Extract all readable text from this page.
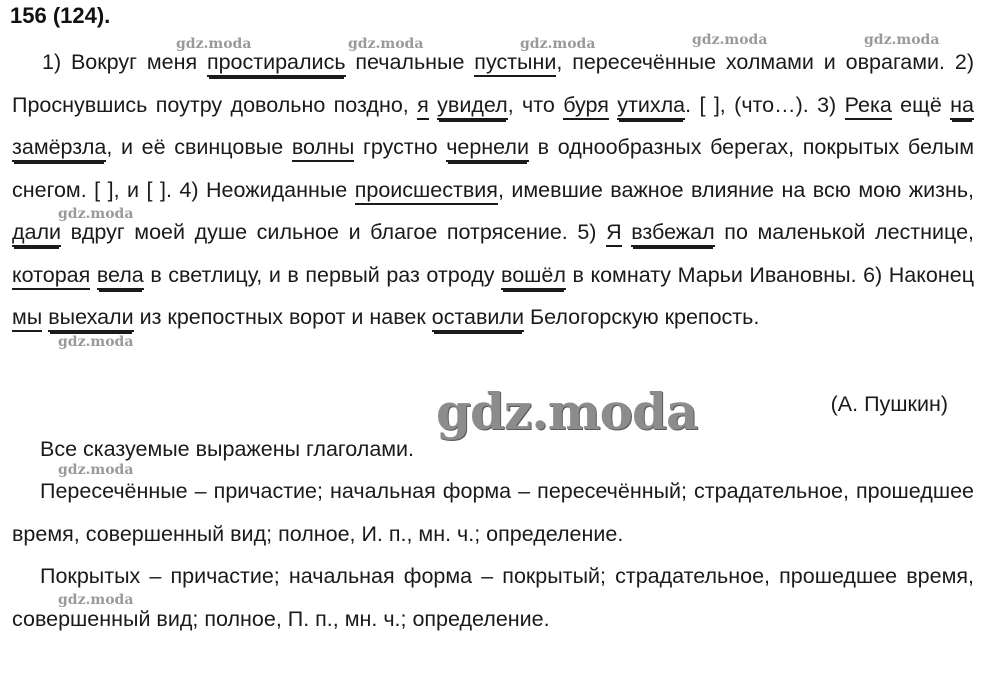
156 (124).
1) Вокруг меня простирались печальные пустыни, пересечённые холмами и оврагами. 2) Проснувшись поутру довольно поздно, я увидел, что буря утихла. [ ], (что…). 3) Река ещё на замёрзла, и её свинцовые волны грустно чернели в однообразных берегах, покрытых белым снегом. [ ], и [ ]. 4) Неожиданные происшествия, имевшие важное влияние на всю мою жизнь, дали вдруг моей душе сильное и благое потрясение. 5) Я взбежал по маленькой лестнице, которая вела в светлицу, и в первый раз отроду вошёл в комнату Марьи Ивановны. 6) Наконец мы выехали из крепостных ворот и навек оставили Белогорскую крепость.
(А. Пушкин)
Все сказуемые выражены глаголами.
Пересечённые – причастие; начальная форма – пересечённый; страдательное, прошедшее время, совершенный вид; полное, И. п., мн. ч.; определение.
Покрытых – причастие; начальная форма – покрытый; страдательное, прошедшее время, совершенный вид; полное, П. п., мн. ч.; определение.
gdz.moda	gdz.moda	gdz.moda	gdz.moda	gdz.moda
gdz.moda
gdz.moda
gdz.moda
gdz.moda
gdz.moda
